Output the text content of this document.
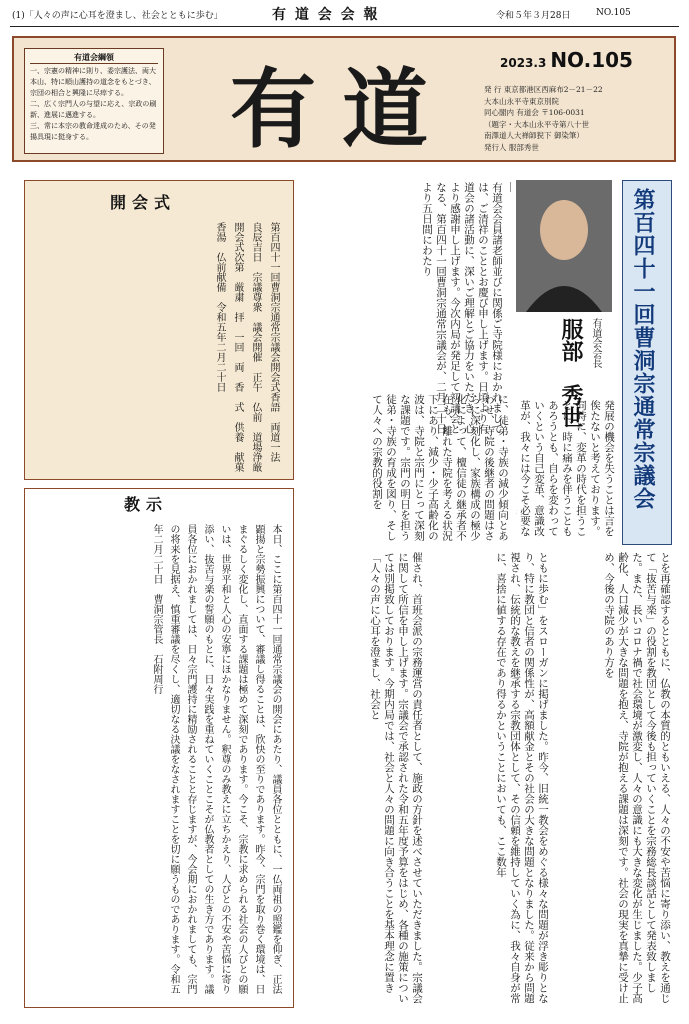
(1)「人々の声に心耳を澄まし、社会とともに歩む」	有 道 会 会 報	令和５年３月28日	NO.105
有道会綱領
一、宗憲の精神に則り、委宗護法、両大本山、特に順山護持の道念をもとづき、宗団の相合と興隆に尽瘁する。
二、広く宗門人の与望に応え、宗政の刷新、進展に邁進する。
三、常に本宗の教命達成のため、その発揚具現に挺身する。	有道	2023.3 NO.105
発 行 東京都港区西麻布2－21－22
大本山永平寺東京別院
同心閣内 有道会 〒106-0031
（題字・大本山永平寺第八十世
南澤道人大禅師猊下 御染筆）
発行人 服部秀世
開会式
第百四十一回曹洞宗通常宗議会開会式香語　両道一法　良辰吉日　宗議尊衆　議会開催　正午　仏前　道場浄厳　開会式次第　厳粛　拝　一回　両　香　式　供養　献菓　香湯　仏前献備　令和五年二月二十日
教示
本日、ここに第百四十一回通常宗議会の開会にあたり、議員各位とともに、一仏両祖の照鑑を仰ぎ、正法顕揚と宗勢振興について、審議し得ることは、欣快の至りであります。昨今、宗門を取り巻く環境は、日まぐるしく変化し、直面する課題は極めて深刻であります。今こそ、宗教に求められる社会の人びとの願いは、世界平和と人心の安寧にほかなりません。釈尊のみ教えに立ちかえり、人びとの不安や苦悩に寄り添い、抜苦与楽の誓願のもとに、日々実践を重ねていくことこそが仏教者としての生き方であります。議員各位におかれましては、日々宗門護持に精励されることと存じますが、今会期におかれましても、宗門の将来を見据え、慎重審議を尽くし、適切なる決議をなされますことを切に願うものであります。令和五年二月二十日　曹洞宗管長　石附周行
有道会会員諸老師並びに関係ご寺院様におかれましては、ご清祥のこととお慶び申し上げます。日頃より有道会の諸活動に、深いご理解とご協力をいただき、心より感謝申し上げます。今次内局が発足して初議会となる、第百四十一回曹洞宗通常宗議会が、二月二十日より五日間にわたり
有道会会長
服部　秀世 第百四十一回曹洞宗通常宗議会
催され、首班会派の宗務運営の責任者として、施政の方針を述べさせていただきました。宗議会に関して所信を申し上げます。宗議会で承認された令和五年度予算をはじめ、各種の施策については別掲致しております。今期内局では、社会と人々の問題に向き合うことを基本理念に置き「人々の声に心耳を澄まし、社会と	ともに歩む」をスローガンに掲げました。昨今、旧統一教会をめぐる様々な問題が浮き彫りとなり、特に教団と信者の関係性が、高額献金とその社会の大きな問題となりました。従来から問題視され、伝統的な教えを継承する宗教団体として、その信頼を維持していく為に、我々自身が常に、喜捨に値する存在であり得るかということにおいても、ここ数年	とを再確認するとともに、仏教の本質的ともいえる、人々の不安や苦悩に寄り添い、教えを通じて「抜苦与楽」の役割を教団として今後も担っていくことを宗務総長談話として発表致しました。また、長いコロナ禍で社会環境が激変し、人々の意識にも大きな変化が生じました。少子高齢化、人口減少が大きな問題を抱え、寺院が抱える課題は深刻です。社会の現実を真摯に受け止め、今後の寺院のあり方を
に、徒弟・寺族の減少傾向とあわせ、寺院の後継者の問題はさらに深刻化し、家族構成の極少化によって、檀信徒の継承者不在も、離れた寺院を考える状況下にあり、減少・少子高齢化の波は、寺院と宗門にとって深刻な課題です。宗門の明日を担う徒弟・寺族の育成を図り、そして人々への宗教的役割を	発展の機会を失うことは言を俟たないと考えております。同時に、変革の時代を担うことに、時に痛みを伴うこともあろうとも、自らを変わっていくという自己変革、意識改革が、我々には今こそ必要な
